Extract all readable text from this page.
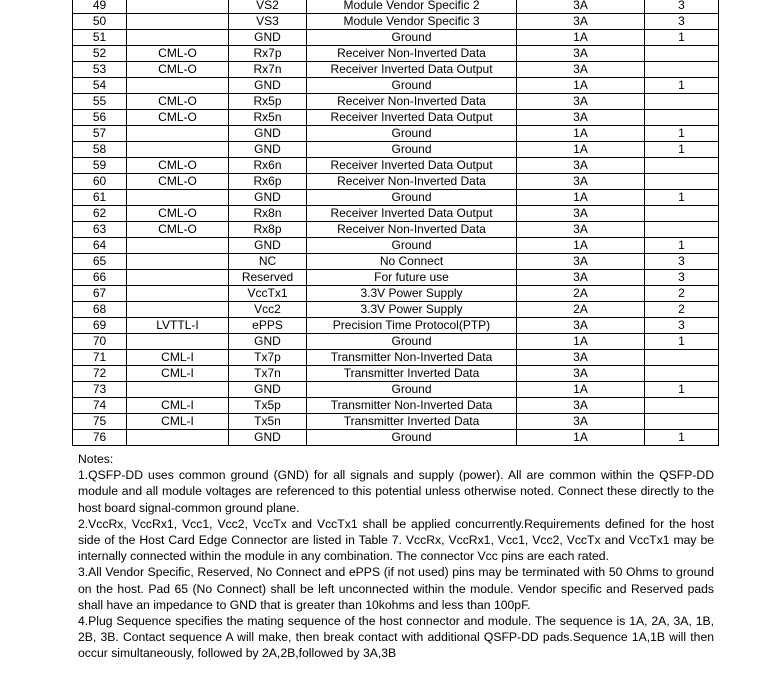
49		VS2	Module Vendor Specific 2	3A	3
50		VS3	Module Vendor Specific 3	3A	3
51		GND	Ground	1A	1
52	CML-O	Rx7p	Receiver Non-Inverted Data	3A	
53	CML-O	Rx7n	Receiver Inverted Data Output	3A	
54		GND	Ground	1A	1
55	CML-O	Rx5p	Receiver Non-Inverted Data	3A	
56	CML-O	Rx5n	Receiver Inverted Data Output	3A	
57		GND	Ground	1A	1
58		GND	Ground	1A	1
59	CML-O	Rx6n	Receiver Inverted Data Output	3A	
60	CML-O	Rx6p	Receiver Non-Inverted Data	3A	
61		GND	Ground	1A	1
62	CML-O	Rx8n	Receiver Inverted Data Output	3A	
63	CML-O	Rx8p	Receiver Non-Inverted Data	3A	
64		GND	Ground	1A	1
65		NC	No Connect	3A	3
66		Reserved	For future use	3A	3
67		VccTx1	3.3V Power Supply	2A	2
68		Vcc2	3.3V Power Supply	2A	2
69	LVTTL-I	ePPS	Precision Time Protocol(PTP)	3A	3
70		GND	Ground	1A	1
71	CML-I	Tx7p	Transmitter Non-Inverted Data	3A	
72	CML-I	Tx7n	Transmitter Inverted Data	3A	
73		GND	Ground	1A	1
74	CML-I	Tx5p	Transmitter Non-Inverted Data	3A	
75	CML-I	Tx5n	Transmitter Inverted Data	3A	
76		GND	Ground	1A	1

Notes:

1.QSFP-DD uses common ground (GND) for all signals and supply (power). All are common within the QSFP-DD module and all module voltages are referenced to this potential unless otherwise noted. Connect these directly to the host board signal-common ground plane.

2.VccRx, VccRx1, Vcc1, Vcc2, VccTx and VccTx1 shall be applied concurrently.Requirements defined for the host side of the Host Card Edge Connector are listed in Table 7. VccRx, VccRx1, Vcc1, Vcc2, VccTx and VccTx1 may be internally connected within the module in any combination. The connector Vcc pins are each rated.

3.All Vendor Specific, Reserved, No Connect and ePPS (if not used) pins may be terminated with 50 Ohms to ground on the host. Pad 65 (No Connect) shall be left unconnected within the module. Vendor specific and Reserved pads shall have an impedance to GND that is greater than 10kohms and less than 100pF.

4.Plug Sequence specifies the mating sequence of the host connector and module. The sequence is 1A, 2A, 3A, 1B, 2B, 3B. Contact sequence A will make, then break contact with additional QSFP-DD pads.Sequence 1A,1B will then occur simultaneously, followed by 2A,2B,followed by 3A,3B
